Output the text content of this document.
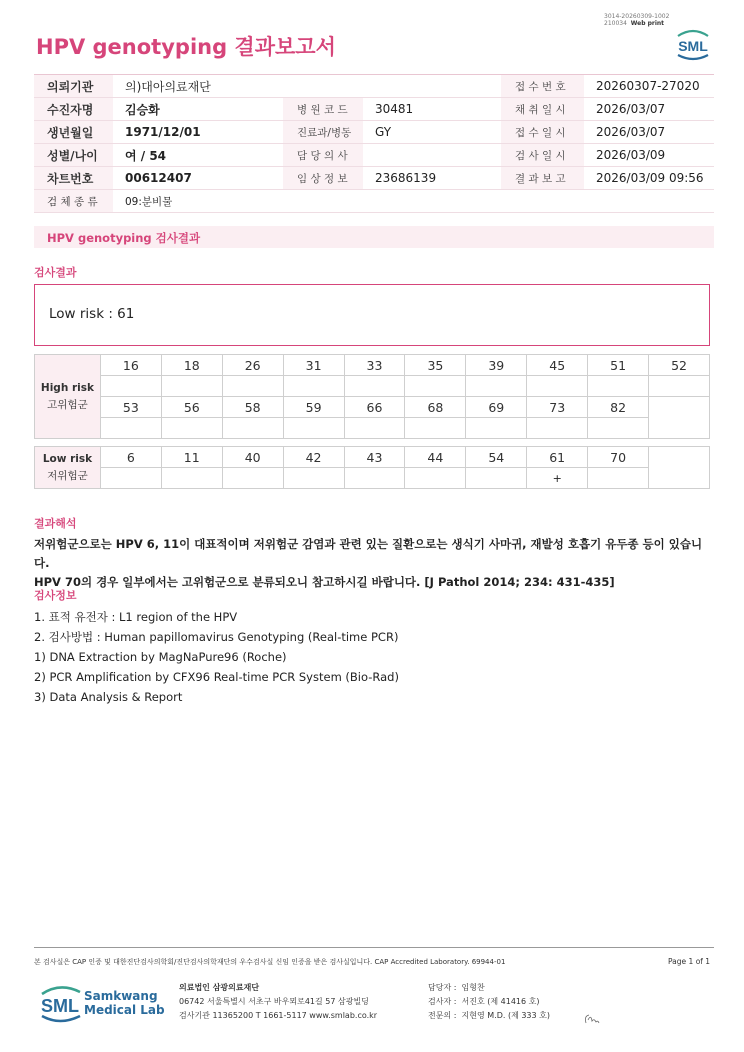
3014-20260309-1002
210034 Web print
HPV genotyping 결과보고서	SML
의뢰기관	의)대아의료재단			접 수 번 호	20260307-27020
수진자명	김승화	병 원 코 드	30481	채 취 일 시	2026/03/07
생년월일	1971/12/01	진료과/병동	GY	접 수 일 시	2026/03/07
성별/나이	여 / 54	담 당 의 사		검 사 일 시	2026/03/09
차트번호	00612407	임 상 정 보	23686139	결 과 보 고	2026/03/09 09:56
검 체 종 류	09:분비물				
HPV genotyping 검사결과
검사결과
Low risk : 61
High risk
고위험군	16	18	26	31	33	35	39	45	51	52

	53	56	58	59	66	68	69	73	82	

Low risk
저위험군	6	11	40	42	43	44	54	61	70	
								+		
결과해석
저위험군으로는 HPV 6, 11이 대표적이며 저위험군 감염과 관련 있는 질환으로는 생식기 사마귀, 재발성 호흡기 유두종 등이 있습니다.
HPV 70의 경우 일부에서는 고위험군으로 분류되오니 참고하시길 바랍니다. [J Pathol 2014; 234: 431-435]
검사정보
1. 표적 유전자 : L1 region of the HPV
2. 검사방법 : Human papillomavirus Genotyping (Real-time PCR)
1) DNA Extraction by MagNaPure96 (Roche)
2) PCR Amplification by CFX96 Real-time PCR System (Bio-Rad)
3) Data Analysis & Report
본 검사실은 CAP 인증 및 대한진단검사의학회/진단검사의학재단의 우수검사실 신임 인증을 받은 검사실입니다. CAP Accredited Laboratory. 69944-01	Page 1 of 1
SML Samkwang
Medical Lab
의료법인 삼광의료재단
06742 서울특별시 서초구 바우뫼로41길 57 삼광빌딩
검사기관 11365200 T 1661-5117 www.smlab.co.kr
담당자 : 임형찬
검사자 : 서진호 (제 41416 호)
전문의 : 지현영 M.D. (제 333 호)
